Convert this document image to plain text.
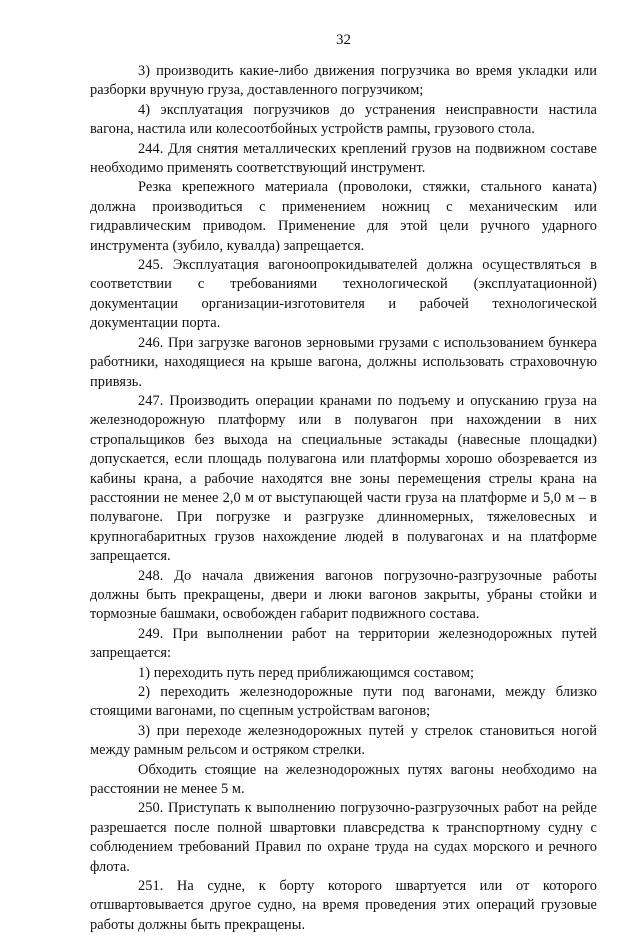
32

3) производить какие-либо движения погрузчика во время укладки или разборки вручную груза, доставленного погрузчиком;

4) эксплуатация погрузчиков до устранения неисправности настила вагона, настила или колесоотбойных устройств рампы, грузового стола.

244. Для снятия металлических креплений грузов на подвижном составе необходимо применять соответствующий инструмент.

Резка крепежного материала (проволоки, стяжки, стального каната) должна производиться с применением ножниц с механическим или гидравлическим приводом. Применение для этой цели ручного ударного инструмента (зубило, кувалда) запрещается.

245. Эксплуатация вагоноопрокидывателей должна осуществляться в соответствии с требованиями технологической (эксплуатационной) документации организации-изготовителя и рабочей технологической документации порта.

246. При загрузке вагонов зерновыми грузами с использованием бункера работники, находящиеся на крыше вагона, должны использовать страховочную привязь.

247. Производить операции кранами по подъему и опусканию груза на железнодорожную платформу или в полувагон при нахождении в них стропальщиков без выхода на специальные эстакады (навесные площадки) допускается, если площадь полувагона или платформы хорошо обозревается из кабины крана, а рабочие находятся вне зоны перемещения стрелы крана на расстоянии не менее 2,0 м от выступающей части груза на платформе и 5,0 м – в полувагоне. При погрузке и разгрузке длинномерных, тяжеловесных и крупногабаритных грузов нахождение людей в полувагонах и на платформе запрещается.

248. До начала движения вагонов погрузочно-разгрузочные работы должны быть прекращены, двери и люки вагонов закрыты, убраны стойки и тормозные башмаки, освобожден габарит подвижного состава.

249. При выполнении работ на территории железнодорожных путей запрещается:

1) переходить путь перед приближающимся составом;

2) переходить железнодорожные пути под вагонами, между близко стоящими вагонами, по сцепным устройствам вагонов;

3) при переходе железнодорожных путей у стрелок становиться ногой между рамным рельсом и остряком стрелки.

Обходить стоящие на железнодорожных путях вагоны необходимо на расстоянии не менее 5 м.

250. Приступать к выполнению погрузочно-разгрузочных работ на рейде разрешается после полной швартовки плавсредства к транспортному судну с соблюдением требований Правил по охране труда на судах морского и речного флота.

251. На судне, к борту которого швартуется или от которого отшвартовывается другое судно, на время проведения этих операций грузовые работы должны быть прекращены.
